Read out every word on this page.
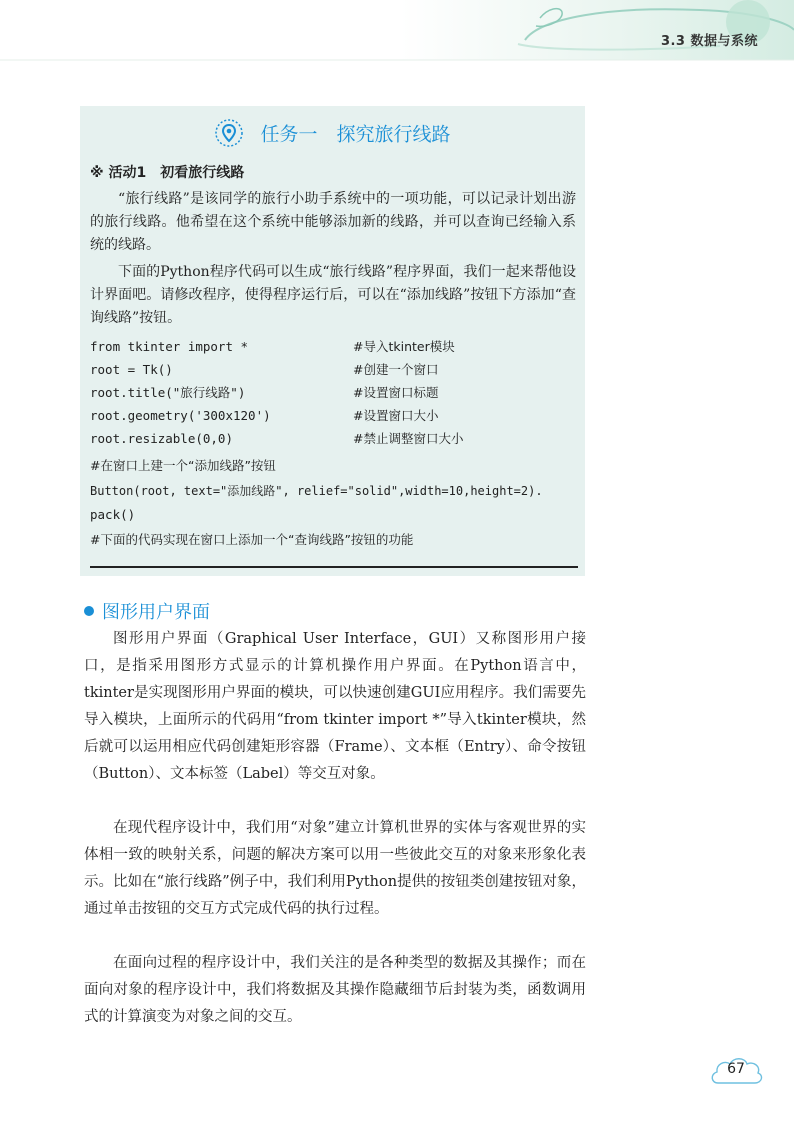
3.3 数据与系统
任务一　探究旅行线路
※ 活动1　初看旅行线路
“旅行线路”是该同学的旅行小助手系统中的一项功能，可以记录计划出游的旅行线路。他希望在这个系统中能够添加新的线路，并可以查询已经输入系统的线路。
下面的Python程序代码可以生成“旅行线路”程序界面，我们一起来帮他设计界面吧。请修改程序，使得程序运行后，可以在“添加线路”按钮下方添加“查询线路”按钮。
from tkinter import *	#导入tkinter模块
root = Tk()	#创建一个窗口
root.title("旅行线路")	#设置窗口标题
root.geometry('300x120')	#设置窗口大小
root.resizable(0,0)	#禁止调整窗口大小
#在窗口上建一个“添加线路”按钮
Button(root, text="添加线路", relief="solid",width=10,height=2).
pack()
#下面的代码实现在窗口上添加一个“查询线路”按钮的功能
图形用户界面
图形用户界面（Graphical User Interface，GUI）又称图形用户接口，是指采用图形方式显示的计算机操作用户界面。在Python语言中，tkinter是实现图形用户界面的模块，可以快速创建GUI应用程序。我们需要先导入模块，上面所示的代码用“from tkinter import *”导入tkinter模块，然后就可以运用相应代码创建矩形容器（Frame）、文本框（Entry）、命令按钮（Button）、文本标签（Label）等交互对象。
在现代程序设计中，我们用“对象”建立计算机世界的实体与客观世界的实体相一致的映射关系，问题的解决方案可以用一些彼此交互的对象来形象化表示。比如在“旅行线路”例子中，我们利用Python提供的按钮类创建按钮对象，通过单击按钮的交互方式完成代码的执行过程。
在面向过程的程序设计中，我们关注的是各种类型的数据及其操作；而在面向对象的程序设计中，我们将数据及其操作隐藏细节后封装为类，函数调用式的计算演变为对象之间的交互。
67
